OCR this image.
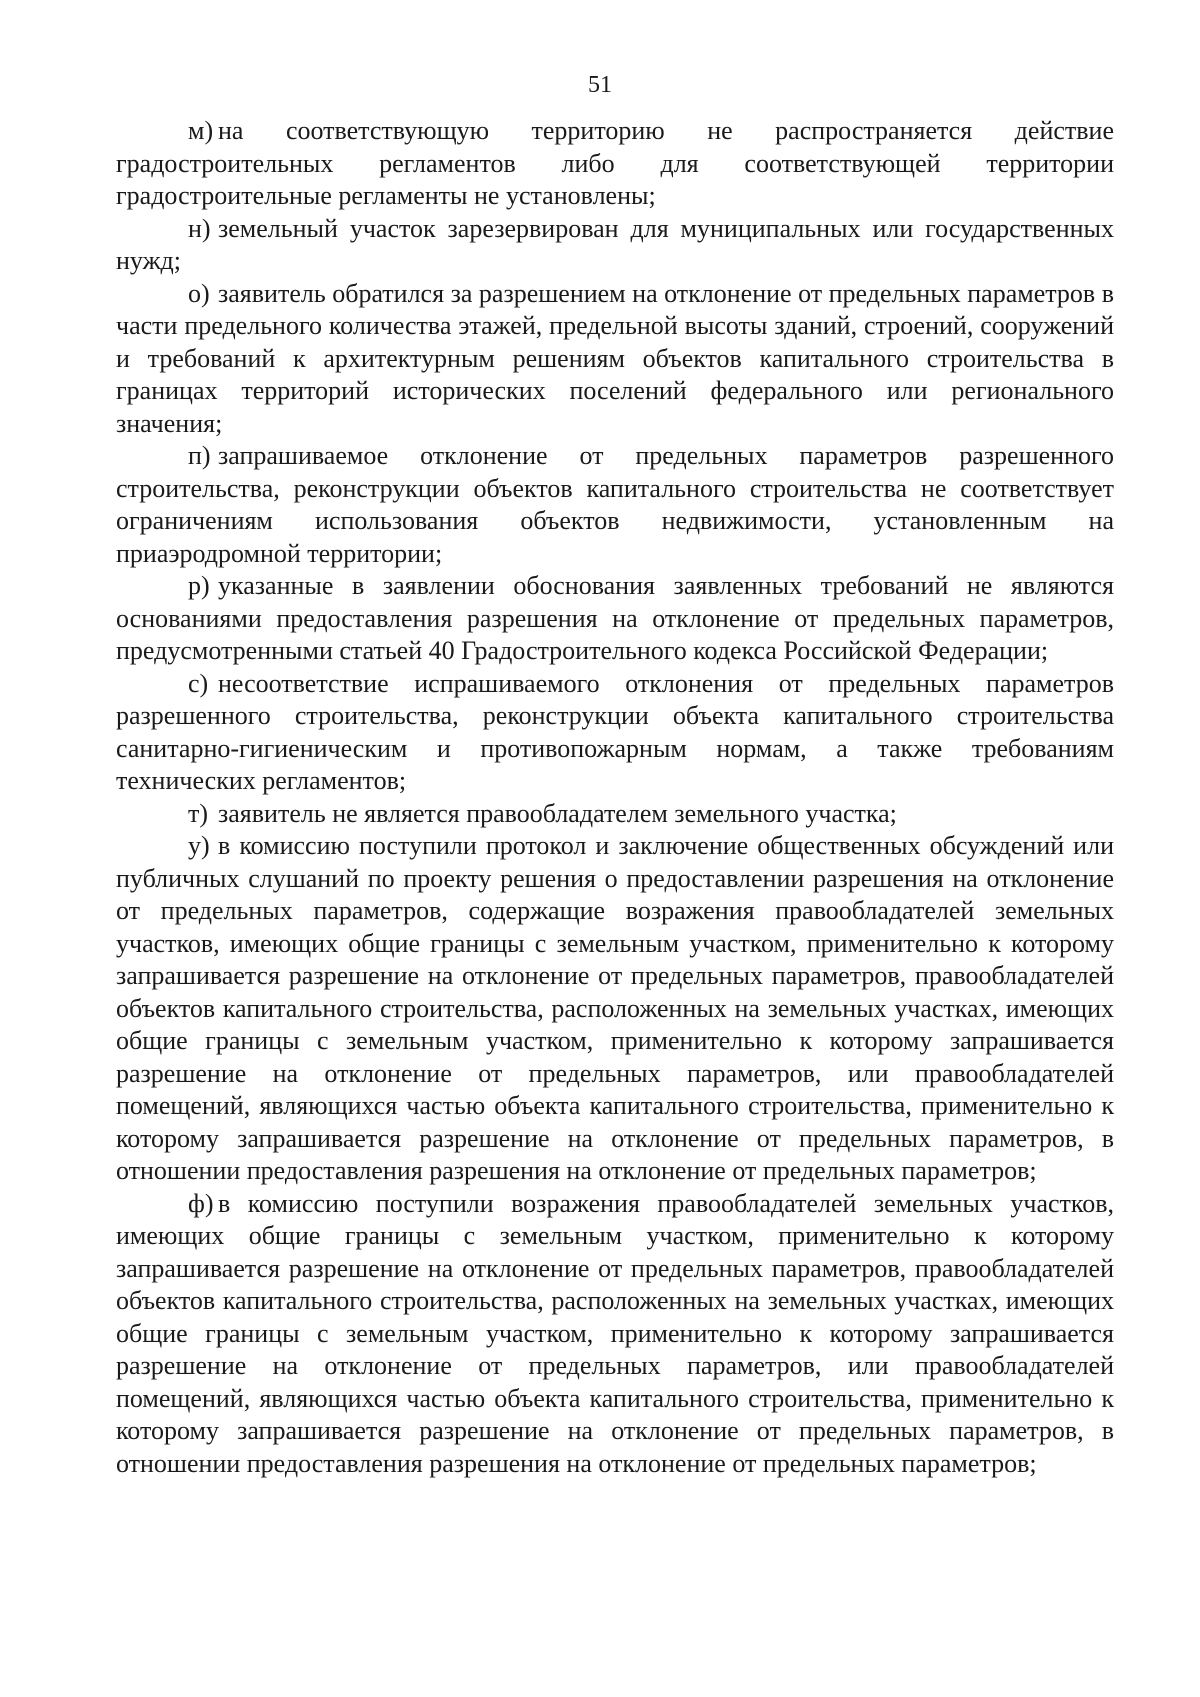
51

м) на соответствующую территорию не распространяется действие градостроительных регламентов либо для соответствующей территории градостроительные регламенты не установлены;

н) земельный участок зарезервирован для муниципальных или государственных нужд;

о) заявитель обратился за разрешением на отклонение от предельных параметров в части предельного количества этажей, предельной высоты зданий, строений, сооружений и требований к архитектурным решениям объектов капитального строительства в границах территорий исторических поселений федерального или регионального значения;

п) запрашиваемое отклонение от предельных параметров разрешенного строительства, реконструкции объектов капитального строительства не соответствует ограничениям использования объектов недвижимости, установленным на приаэродромной территории;

р) указанные в заявлении обоснования заявленных требований не являются основаниями предоставления разрешения на отклонение от предельных параметров, предусмотренными статьей 40 Градостроительного кодекса Российской Федерации;

с) несоответствие испрашиваемого отклонения от предельных параметров разрешенного строительства, реконструкции объекта капитального строительства санитарно-гигиеническим и противопожарным нормам, а также требованиям технических регламентов;

т) заявитель не является правообладателем земельного участка;

у) в комиссию поступили протокол и заключение общественных обсуждений или публичных слушаний по проекту решения о предоставлении разрешения на отклонение от предельных параметров, содержащие возражения правообладателей земельных участков, имеющих общие границы с земельным участком, применительно к которому запрашивается разрешение на отклонение от предельных параметров, правообладателей объектов капитального строительства, расположенных на земельных участках, имеющих общие границы с земельным участком, применительно к которому запрашивается разрешение на отклонение от предельных параметров, или правообладателей помещений, являющихся частью объекта капитального строительства, применительно к которому запрашивается разрешение на отклонение от предельных параметров, в отношении предоставления разрешения на отклонение от предельных параметров;

ф) в комиссию поступили возражения правообладателей земельных участков, имеющих общие границы с земельным участком, применительно к которому запрашивается разрешение на отклонение от предельных параметров, правообладателей объектов капитального строительства, расположенных на земельных участках, имеющих общие границы с земельным участком, применительно к которому запрашивается разрешение на отклонение от предельных параметров, или правообладателей помещений, являющихся частью объекта капитального строительства, применительно к которому запрашивается разрешение на отклонение от предельных параметров, в отношении предоставления разрешения на отклонение от предельных параметров;
